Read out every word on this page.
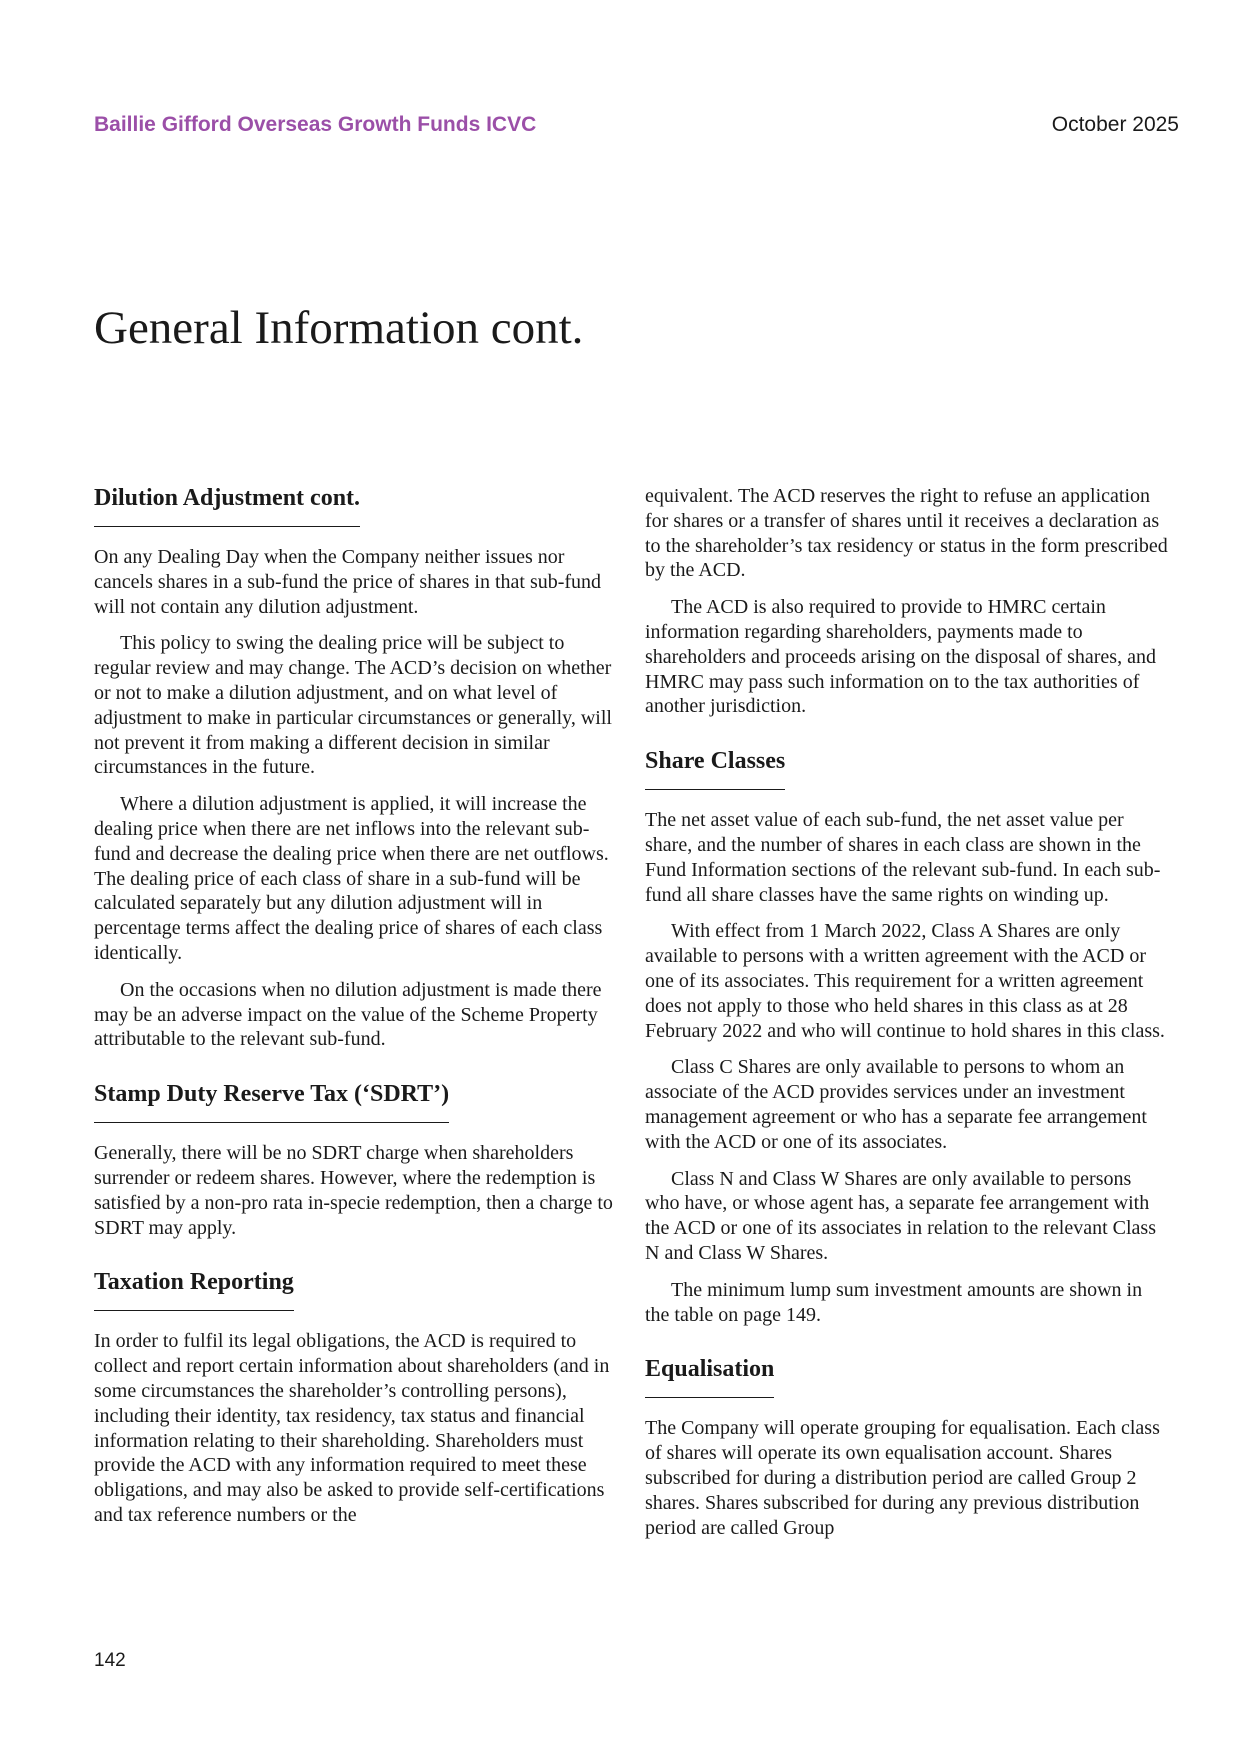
Baillie Gifford Overseas Growth Funds ICVC	October 2025
General Information cont.
Dilution Adjustment cont.

On any Dealing Day when the Company neither issues nor cancels shares in a sub-fund the price of shares in that sub-fund will not contain any dilution adjustment.

This policy to swing the dealing price will be subject to regular review and may change. The ACD’s decision on whether or not to make a dilution adjustment, and on what level of adjustment to make in particular circumstances or generally, will not prevent it from making a different decision in similar circumstances in the future.

Where a dilution adjustment is applied, it will increase the dealing price when there are net inflows into the relevant sub-fund and decrease the dealing price when there are net outflows. The dealing price of each class of share in a sub-fund will be calculated separately but any dilution adjustment will in percentage terms affect the dealing price of shares of each class identically.

On the occasions when no dilution adjustment is made there may be an adverse impact on the value of the Scheme Property attributable to the relevant sub-fund.

Stamp Duty Reserve Tax (‘SDRT’)

Generally, there will be no SDRT charge when shareholders surrender or redeem shares. However, where the redemption is satisfied by a non-pro rata in-specie redemption, then a charge to SDRT may apply.

Taxation Reporting

In order to fulfil its legal obligations, the ACD is required to collect and report certain information about shareholders (and in some circumstances the shareholder’s controlling persons), including their identity, tax residency, tax status and financial information relating to their shareholding. Shareholders must provide the ACD with any information required to meet these obligations, and may also be asked to provide self-certifications and tax reference numbers or the

equivalent. The ACD reserves the right to refuse an application for shares or a transfer of shares until it receives a declaration as to the shareholder’s tax residency or status in the form prescribed by the ACD.

The ACD is also required to provide to HMRC certain information regarding shareholders, payments made to shareholders and proceeds arising on the disposal of shares, and HMRC may pass such information on to the tax authorities of another jurisdiction.

Share Classes

The net asset value of each sub-fund, the net asset value per share, and the number of shares in each class are shown in the Fund Information sections of the relevant sub-fund. In each sub-fund all share classes have the same rights on winding up.

With effect from 1 March 2022, Class A Shares are only available to persons with a written agreement with the ACD or one of its associates. This requirement for a written agreement does not apply to those who held shares in this class as at 28 February 2022 and who will continue to hold shares in this class.

Class C Shares are only available to persons to whom an associate of the ACD provides services under an investment management agreement or who has a separate fee arrangement with the ACD or one of its associates.

Class N and Class W Shares are only available to persons who have, or whose agent has, a separate fee arrangement with the ACD or one of its associates in relation to the relevant Class N and Class W Shares.

The minimum lump sum investment amounts are shown in the table on page 149.

Equalisation

The Company will operate grouping for equalisation. Each class of shares will operate its own equalisation account. Shares subscribed for during a distribution period are called Group 2 shares. Shares subscribed for during any previous distribution period are called Group

142
